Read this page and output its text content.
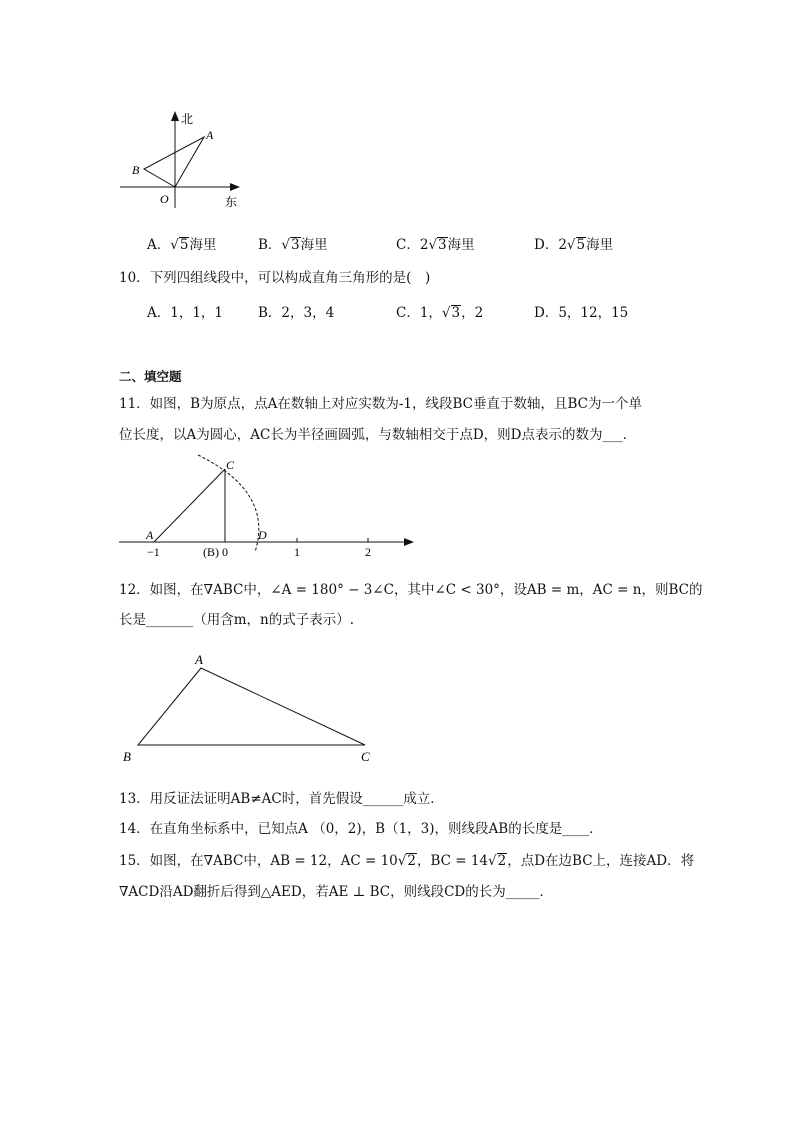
北
东
A
B
O
A．√5海里	B．√3海里	C．2√3海里	D．2√5海里
10．下列四组线段中，可以构成直角三角形的是(　)
A．1，1，1	B．2，3，4	C．1，√3，2	D．5，12，15
二、填空题
11．如图，B为原点，点A在数轴上对应实数为-1，线段BC垂直于数轴，且BC为一个单
位长度，以A为圆心，AC长为半径画圆弧，与数轴相交于点D，则D点表示的数为___．
A
C
D
−1	(B) 0	1	2
12．如图，在∇ABC中，∠A = 180° − 3∠C，其中∠C < 30°，设AB = m，AC = n，则BC的
长是_______（用含m，n的式子表示）.
A
B	C
13．用反证法证明AB≠AC时，首先假设______成立．
14．在直角坐标系中，已知点A （0，2)，B（1，3)，则线段AB的长度是____．
15．如图，在∇ABC中，AB = 12，AC = 10√2，BC = 14√2，点D在边BC上，连接AD．将
∇ACD沿AD翻折后得到△AED，若AE ⊥ BC，则线段CD的长为_____．
